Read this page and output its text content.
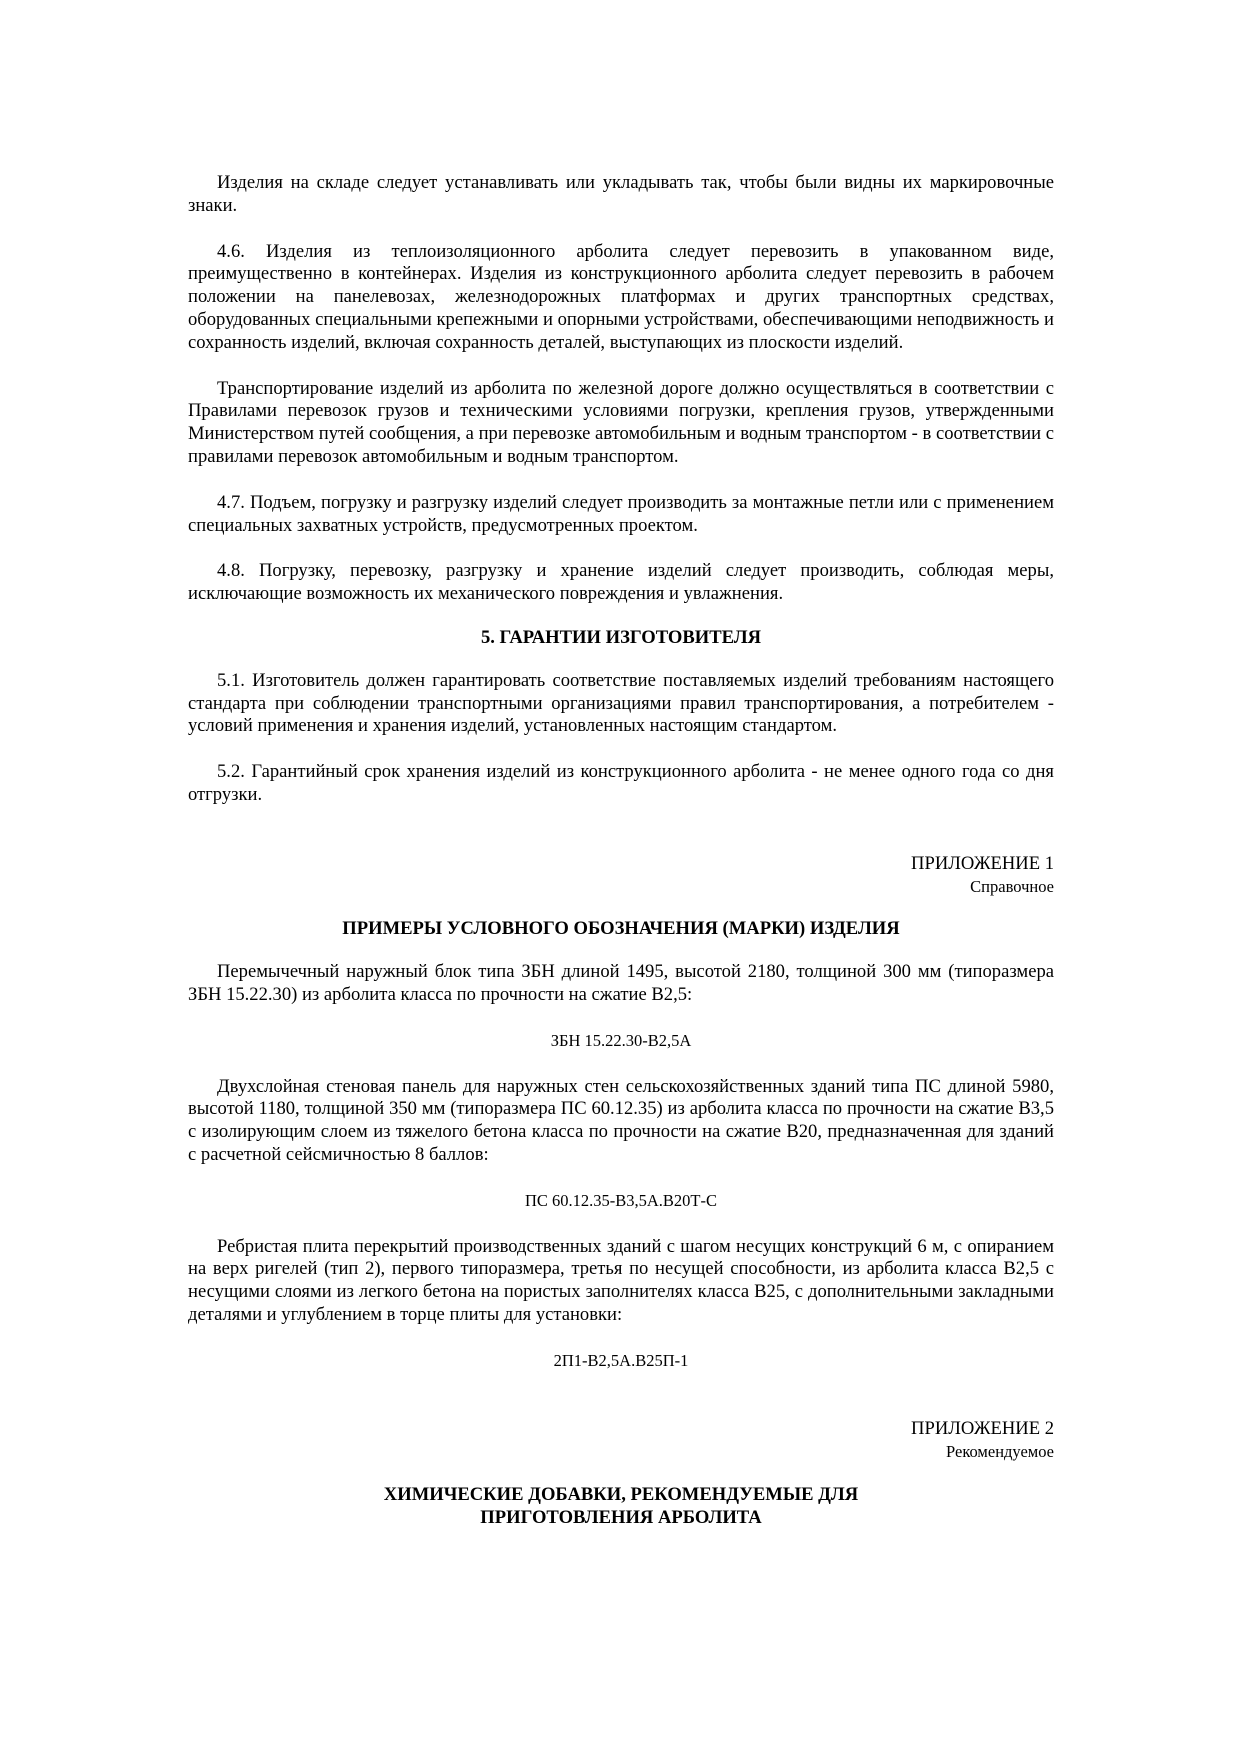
Изделия на складе следует устанавливать или укладывать так, чтобы были видны их маркировочные знаки.

4.6. Изделия из теплоизоляционного арболита следует перевозить в упакованном виде, преимущественно в контейнерах. Изделия из конструкционного арболита следует перевозить в рабочем положении на панелевозах, железнодорожных платформах и других транспортных средствах, оборудованных специальными крепежными и опорными устройствами, обеспечивающими неподвижность и сохранность изделий, включая сохранность деталей, выступающих из плоскости изделий.

Транспортирование изделий из арболита по железной дороге должно осуществляться в соответствии с Правилами перевозок грузов и техническими условиями погрузки, крепления грузов, утвержденными Министерством путей сообщения, а при перевозке автомобильным и водным транспортом - в соответствии с правилами перевозок автомобильным и водным транспортом.

4.7. Подъем, погрузку и разгрузку изделий следует производить за монтажные петли или с применением специальных захватных устройств, предусмотренных проектом.

4.8. Погрузку, перевозку, разгрузку и хранение изделий следует производить, соблюдая меры, исключающие возможность их механического повреждения и увлажнения.

5. ГАРАНТИИ ИЗГОТОВИТЕЛЯ

5.1. Изготовитель должен гарантировать соответствие поставляемых изделий требованиям настоящего стандарта при соблюдении транспортными организациями правил транспортирования, а потребителем - условий применения и хранения изделий, установленных настоящим стандартом.

5.2. Гарантийный срок хранения изделий из конструкционного арболита - не менее одного года со дня отгрузки.

ПРИЛОЖЕНИЕ 1

Справочное

ПРИМЕРЫ УСЛОВНОГО ОБОЗНАЧЕНИЯ (МАРКИ) ИЗДЕЛИЯ

Перемычечный наружный блок типа ЗБН длиной 1495, высотой 2180, толщиной 300 мм (типоразмера ЗБН 15.22.30) из арболита класса по прочности на сжатие В2,5:

ЗБН 15.22.30-В2,5А

Двухслойная стеновая панель для наружных стен сельскохозяйственных зданий типа ПС длиной 5980, высотой 1180, толщиной 350 мм (типоразмера ПС 60.12.35) из арболита класса по прочности на сжатие В3,5 с изолирующим слоем из тяжелого бетона класса по прочности на сжатие В20, предназначенная для зданий с расчетной сейсмичностью 8 баллов:

ПС 60.12.35-В3,5А.В20Т-С

Ребристая плита перекрытий производственных зданий с шагом несущих конструкций 6 м, с опиранием на верх ригелей (тип 2), первого типоразмера, третья по несущей способности, из арболита класса В2,5 с несущими слоями из легкого бетона на пористых заполнителях класса В25, с дополнительными закладными деталями и углублением в торце плиты для установки:

2П1-В2,5А.В25П-1

ПРИЛОЖЕНИЕ 2

Рекомендуемое

ХИМИЧЕСКИЕ ДОБАВКИ, РЕКОМЕНДУЕМЫЕ ДЛЯ
ПРИГОТОВЛЕНИЯ АРБОЛИТА
